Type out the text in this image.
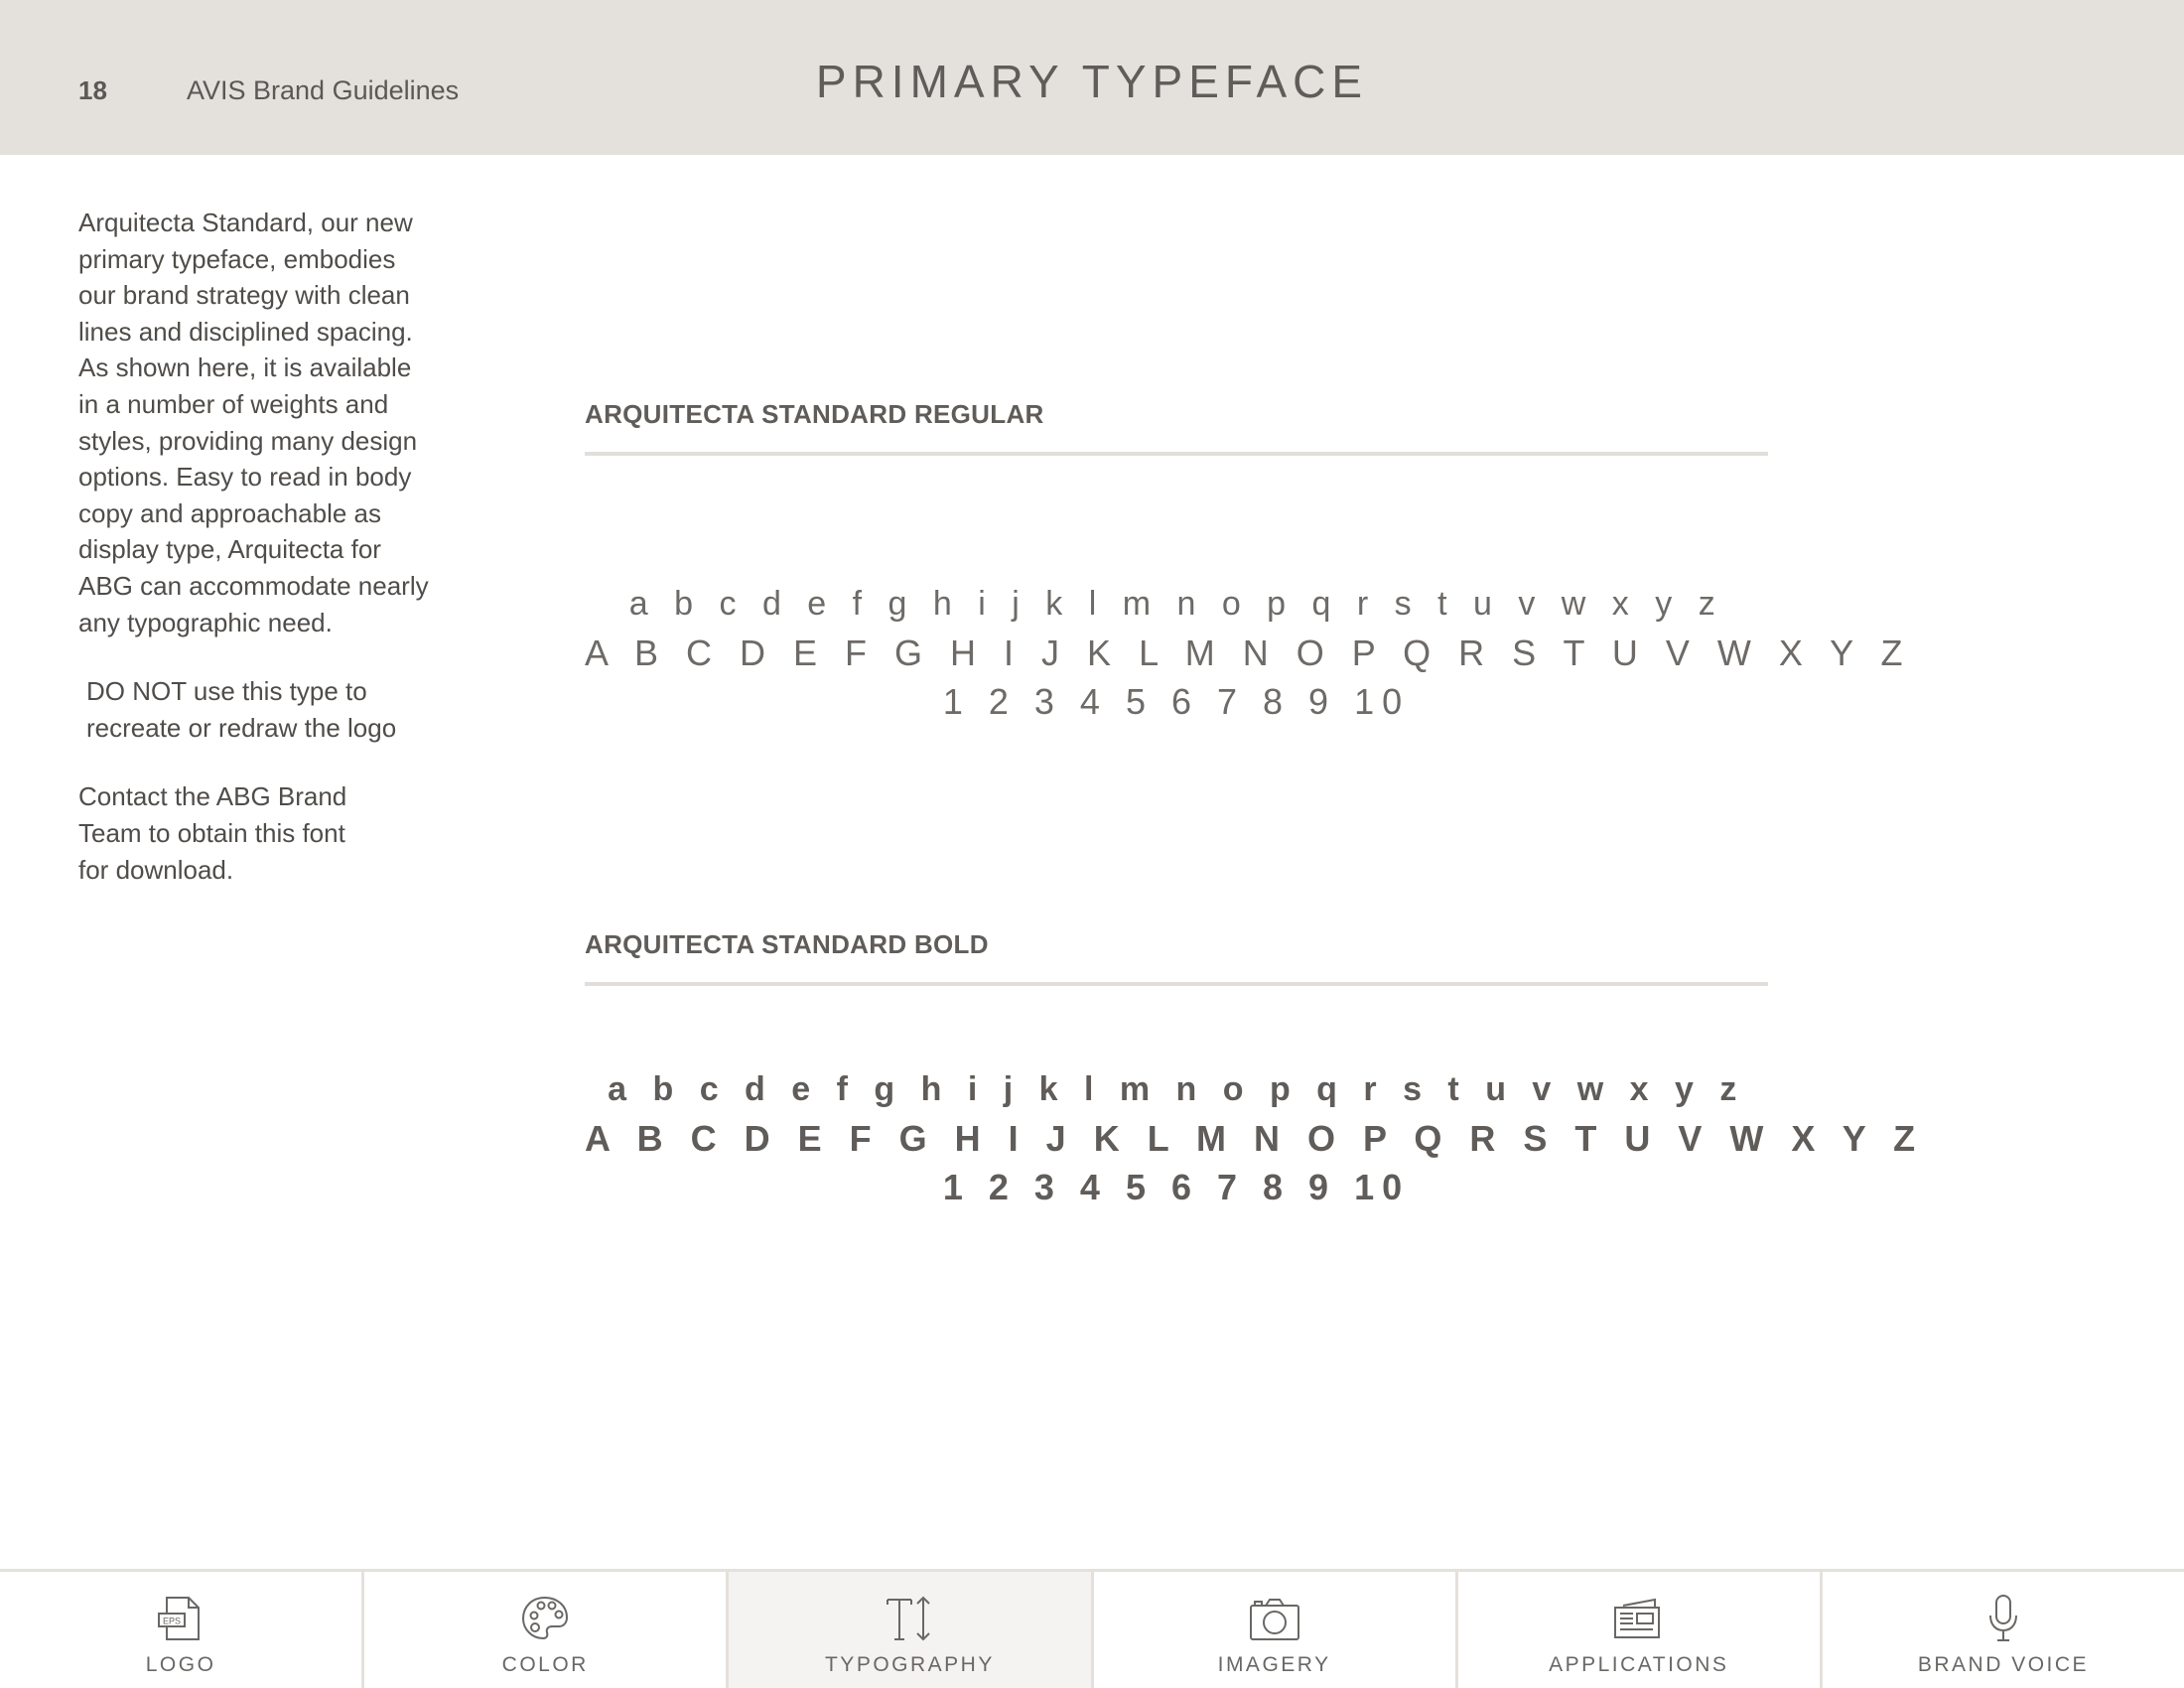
18	AVIS Brand Guidelines	PRIMARY TYPEFACE

Arquitecta Standard, our new primary typeface, embodies our brand strategy with clean lines and disciplined spacing. As shown here, it is available in a number of weights and styles, providing many design options. Easy to read in body copy and approachable as display type, Arquitecta for ABG can accommodate nearly any typographic need.

DO NOT use this type to recreate or redraw the logo

Contact the ABG Brand Team to obtain this font for download.

ARQUITECTA STANDARD REGULAR
a b c d e f g h i j k l m n o p q r s t u v w x y z
A B C D E F G H I J K L M N O P Q R S T U V W X Y Z
1 2 3 4 5 6 7 8 9 10
ARQUITECTA STANDARD BOLD
a b c d e f g h i j k l m n o p q r s t u v w x y z
A B C D E F G H I J K L M N O P Q R S T U V W X Y Z
1 2 3 4 5 6 7 8 9 10
EPS
LOGO	COLOR	TYPOGRAPHY	IMAGERY	APPLICATIONS	BRAND VOICE
